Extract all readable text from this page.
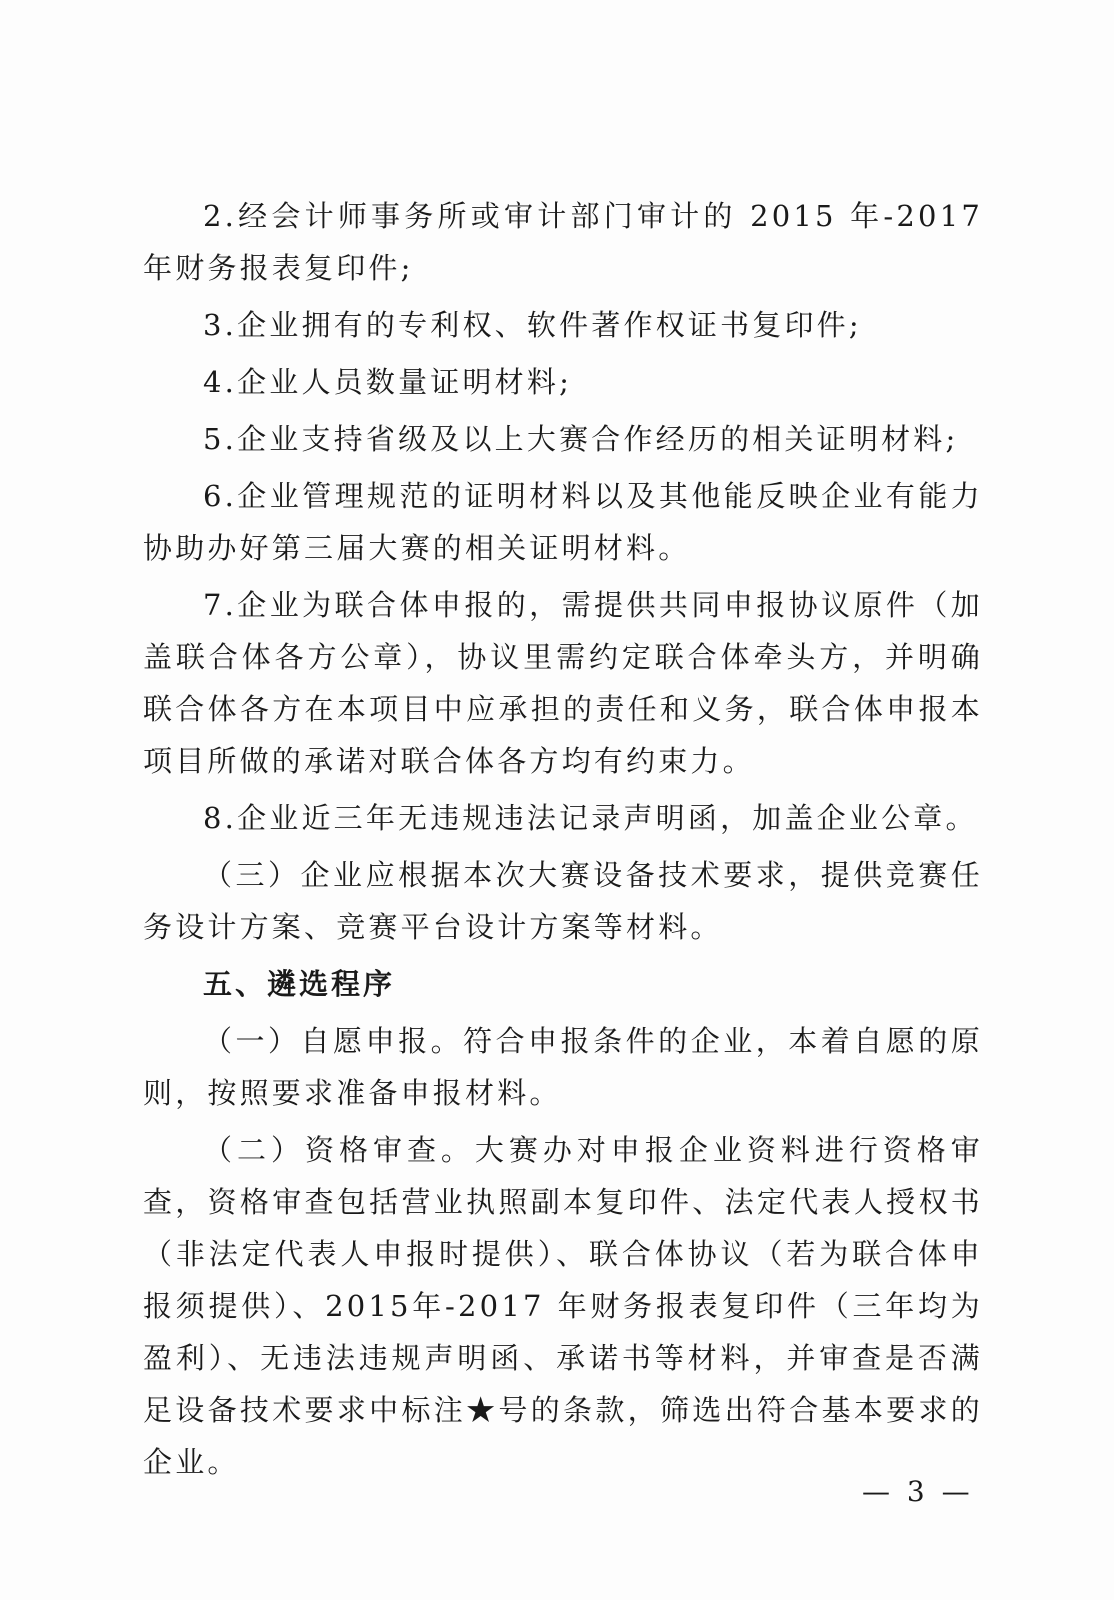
2.经会计师事务所或审计部门审计的 2015 年-2017 年财务报表复印件;

3.企业拥有的专利权、软件著作权证书复印件;

4.企业人员数量证明材料;

5.企业支持省级及以上大赛合作经历的相关证明材料;

6.企业管理规范的证明材料以及其他能反映企业有能力协助办好第三届大赛的相关证明材料。

7.企业为联合体申报的，需提供共同申报协议原件（加盖联合体各方公章），协议里需约定联合体牵头方，并明确联合体各方在本项目中应承担的责任和义务，联合体申报本项目所做的承诺对联合体各方均有约束力。

8.企业近三年无违规违法记录声明函，加盖企业公章。

（三）企业应根据本次大赛设备技术要求，提供竞赛任务设计方案、竞赛平台设计方案等材料。

五、遴选程序

（一）自愿申报。符合申报条件的企业，本着自愿的原则，按照要求准备申报材料。

（二）资格审查。大赛办对申报企业资料进行资格审查，资格审查包括营业执照副本复印件、法定代表人授权书（非法定代表人申报时提供）、联合体协议（若为联合体申报须提供）、2015年-2017 年财务报表复印件（三年均为盈利）、无违法违规声明函、承诺书等材料，并审查是否满足设备技术要求中标注★号的条款，筛选出符合基本要求的企业。

— 3 —
